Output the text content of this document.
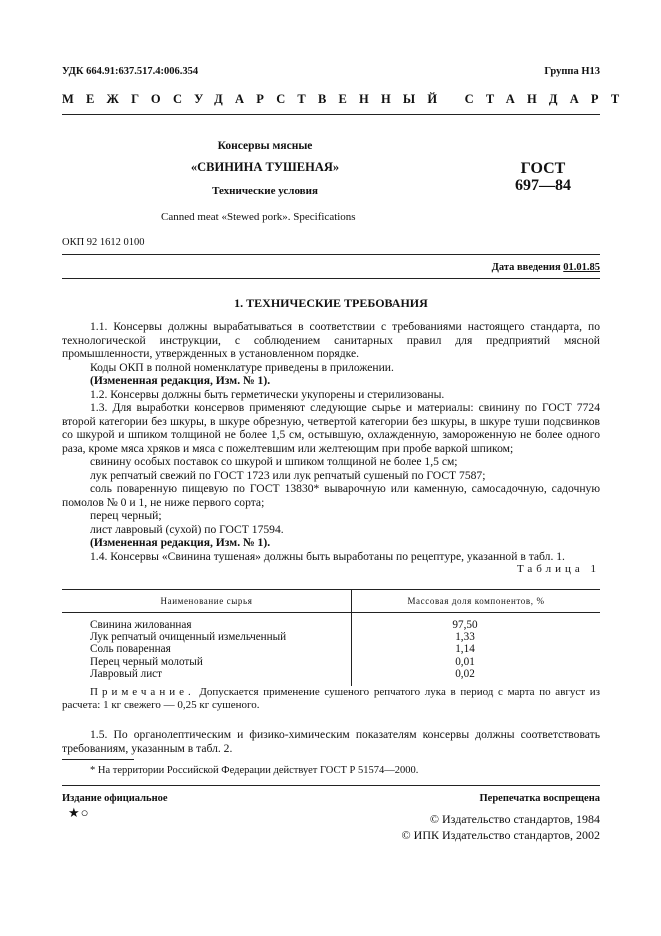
УДК 664.91:637.517.4:006.354	Группа Н13
МЕЖГОСУДАРСТВЕННЫЙ СТАНДАРТ
Консервы мясные
«СВИНИНА ТУШЕНАЯ»
Технические условия
Canned meat «Stewed pork». Specifications
ГОСТ
697—84
ОКП 92 1612 0100
Дата введения 01.01.85
1. ТЕХНИЧЕСКИЕ ТРЕБОВАНИЯ

1.1. Консервы должны вырабатываться в соответствии с требованиями настоящего стандарта, по технологической инструкции, с соблюдением санитарных правил для предприятий мясной промышленности, утвержденных в установленном порядке.

Коды ОКП в полной номенклатуре приведены в приложении.

(Измененная редакция, Изм. № 1).

1.2. Консервы должны быть герметически укупорены и стерилизованы.

1.3. Для выработки консервов применяют следующие сырье и материалы: свинину по ГОСТ 7724 второй категории без шкуры, в шкуре обрезную, четвертой категории без шкуры, в шкуре туши подсвинков со шкурой и шпиком толщиной не более 1,5 см, остывшую, охлажденную, замороженную не более одного раза, кроме мяса хряков и мяса с пожелтевшим или желтеющим при пробе варкой шпиком;

свинину особых поставок со шкурой и шпиком толщиной не более 1,5 см;

лук репчатый свежий по ГОСТ 1723 или лук репчатый сушеный по ГОСТ 7587;

соль поваренную пищевую по ГОСТ 13830* выварочную или каменную, самосадочную, садочную помолов № 0 и 1, не ниже первого сорта;

перец черный;

лист лавровый (сухой) по ГОСТ 17594.

(Измененная редакция, Изм. № 1).

1.4. Консервы «Свинина тушеная» должны быть выработаны по рецептуре, указанной в табл. 1.

Таблица 1

Наименование сырья	Массовая доля компонентов, %
Свинина жилованная	97,50
Лук репчатый очищенный измельченный	1,33
Соль поваренная	1,14
Перец черный молотый	0,01
Лавровый лист	0,02

Примечание. Допускается применение сушеного репчатого лука в период с марта по август из расчета: 1 кг свежего — 0,25 кг сушеного.

1.5. По органолептическим и физико-химическим показателям консервы должны соответствовать требованиям, указанным в табл. 2.

* На территории Российской Федерации действует ГОСТ Р 51574—2000.
Издание официальное
★○
Перепечатка воспрещена
© Издательство стандартов, 1984
© ИПК Издательство стандартов, 2002
